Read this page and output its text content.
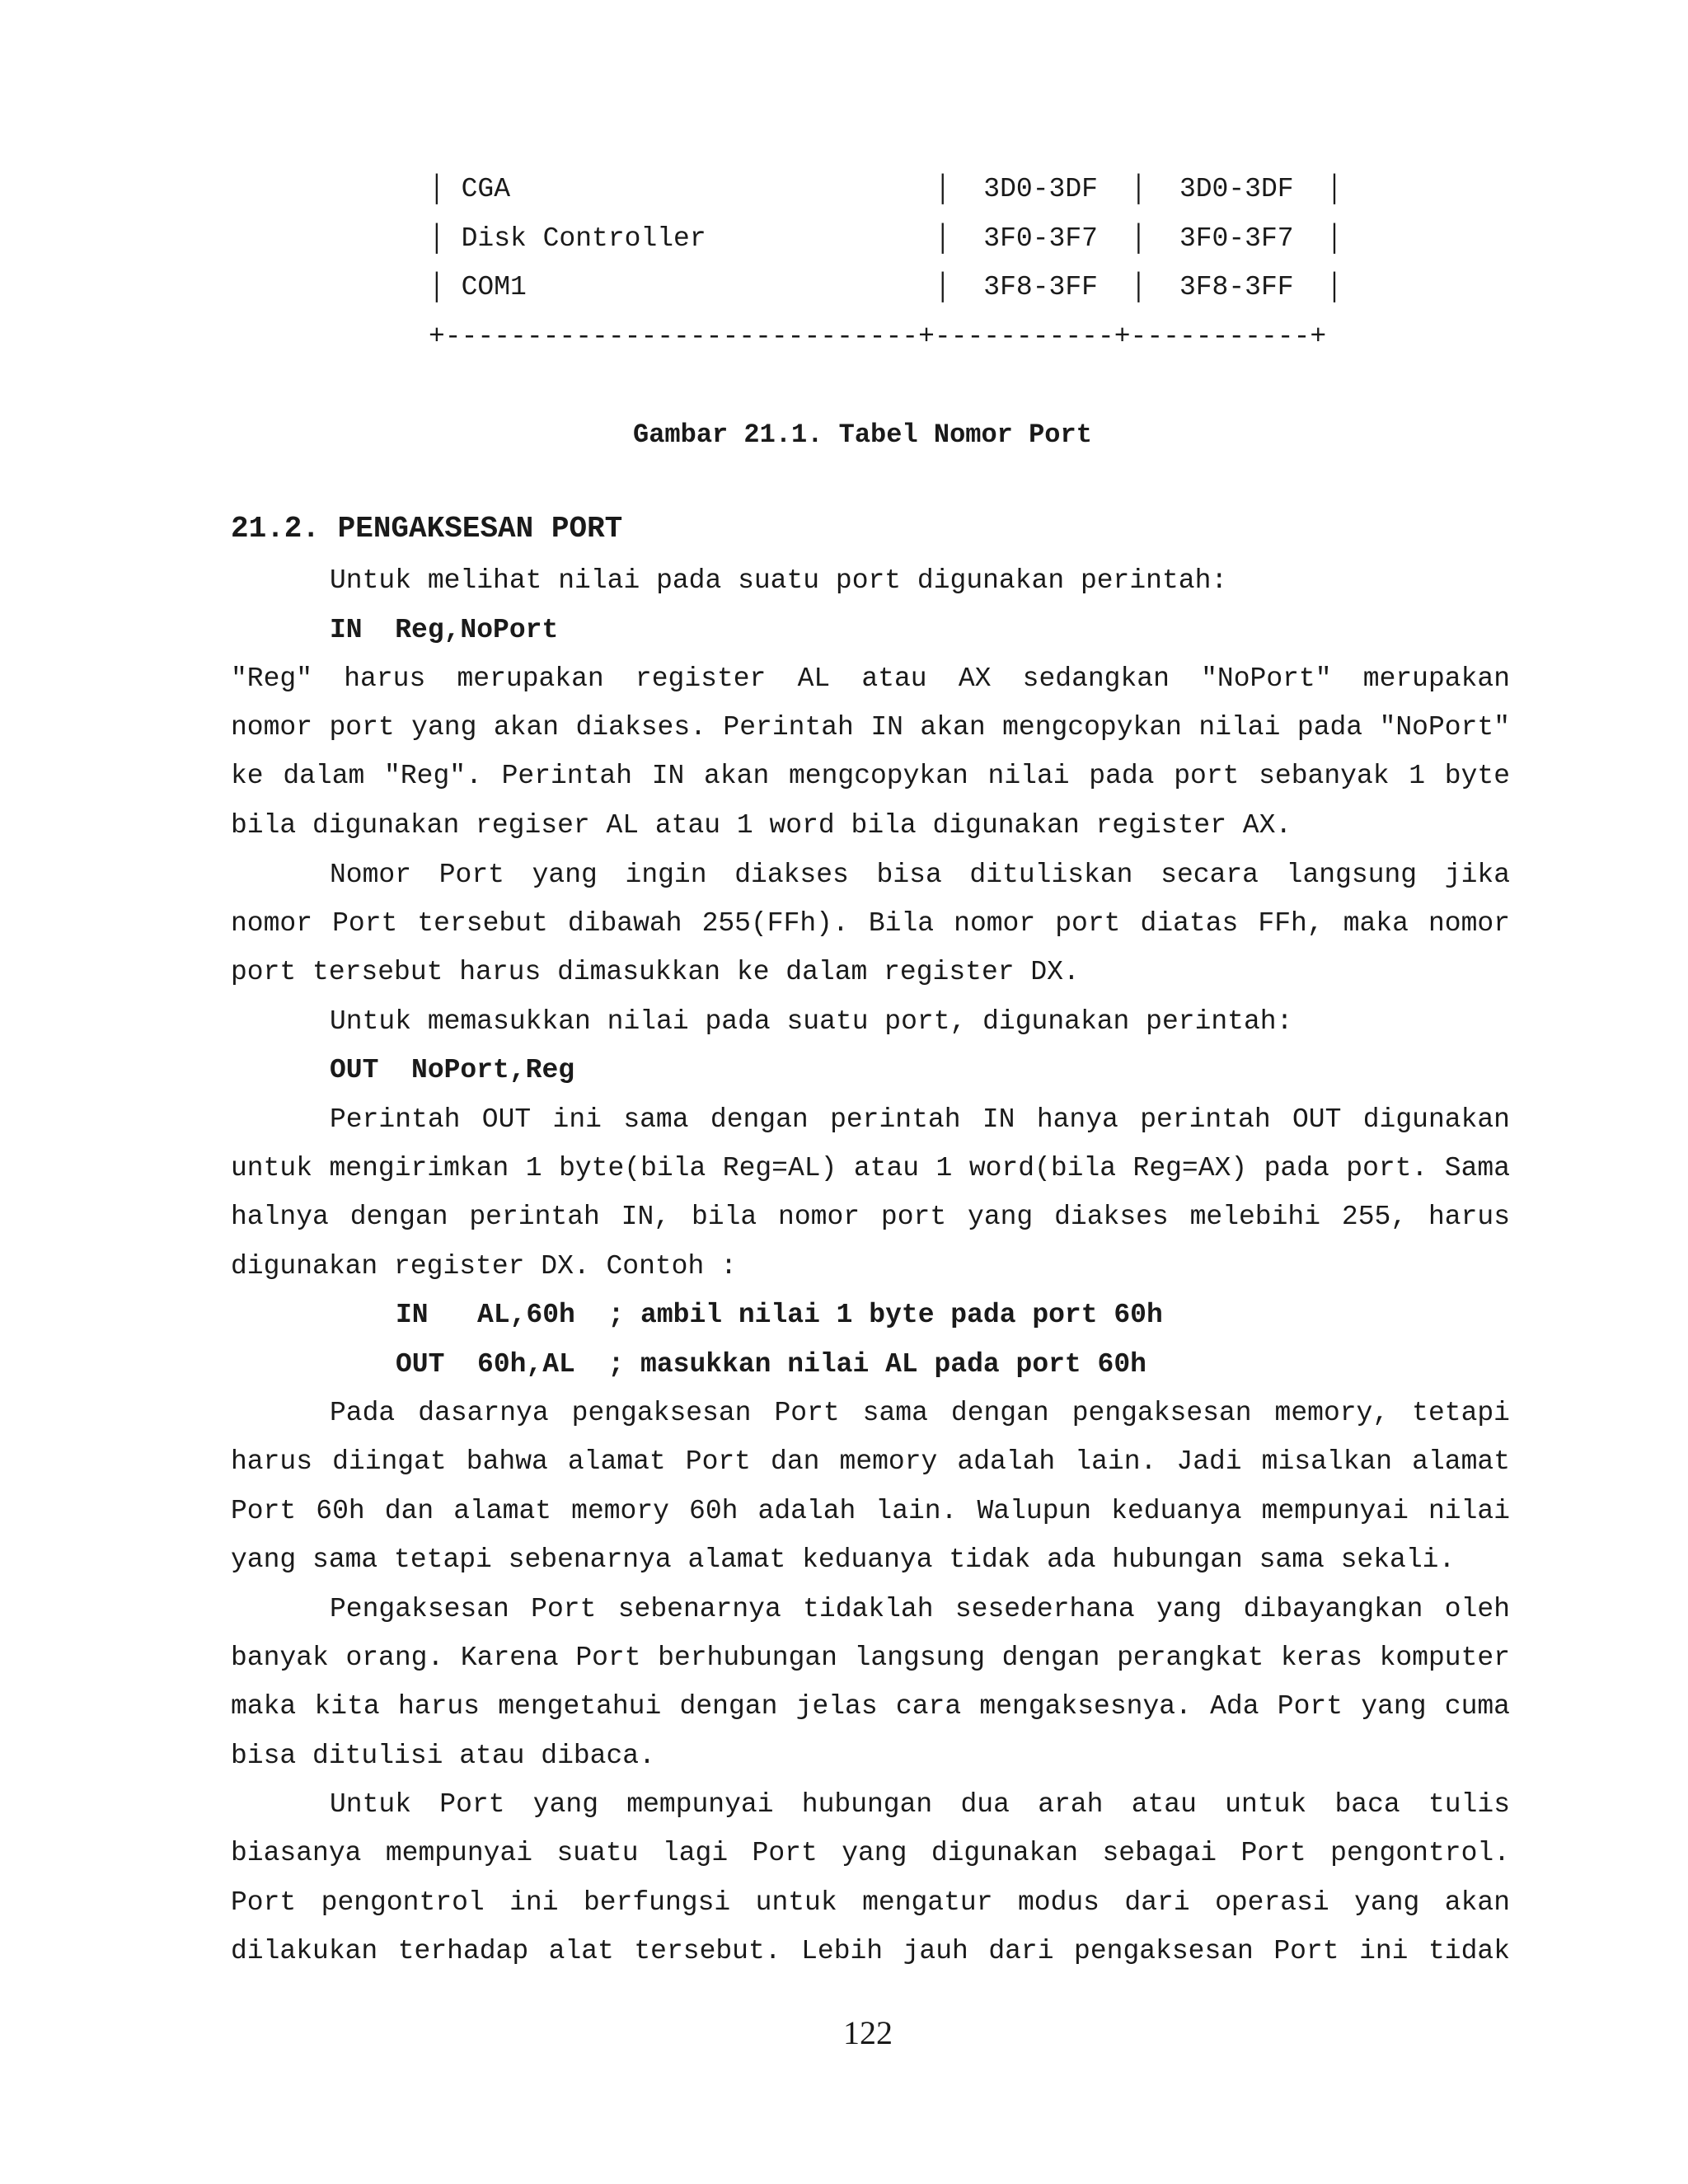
│ CGA                          │  3D0-3DF  │  3D0-3DF  │
│ Disk Controller              │  3F0-3F7  │  3F0-3F7  │
│ COM1                         │  3F8-3FF  │  3F8-3FF  │
+-----------------------------+-----------+-----------+
Gambar 21.1. Tabel Nomor Port
21.2. PENGAKSESAN PORT
Untuk melihat nilai pada suatu port digunakan perintah:
IN  Reg,NoPort
"Reg" harus merupakan register AL atau AX sedangkan "NoPort" merupakan
nomor port yang akan diakses. Perintah IN akan mengcopykan nilai pada "NoPort"
ke dalam "Reg". Perintah IN akan mengcopykan nilai pada port sebanyak 1 byte
bila digunakan regiser AL atau 1 word bila digunakan register AX.
Nomor Port yang ingin diakses bisa dituliskan secara langsung jika
nomor Port tersebut dibawah 255(FFh). Bila nomor port diatas FFh, maka nomor
port tersebut harus dimasukkan ke dalam register DX.
Untuk memasukkan nilai pada suatu port, digunakan perintah:
OUT  NoPort,Reg
Perintah OUT ini sama dengan perintah IN hanya perintah OUT digunakan
untuk mengirimkan 1 byte(bila Reg=AL) atau 1 word(bila Reg=AX) pada port. Sama
halnya dengan perintah IN, bila nomor port yang diakses melebihi 255, harus
digunakan register DX. Contoh :
IN   AL,60h  ; ambil nilai 1 byte pada port 60h
OUT  60h,AL  ; masukkan nilai AL pada port 60h
Pada dasarnya pengaksesan Port sama dengan pengaksesan memory, tetapi
harus diingat bahwa alamat Port dan memory adalah lain. Jadi misalkan alamat
Port 60h dan alamat memory 60h adalah lain. Walupun keduanya mempunyai nilai
yang sama tetapi sebenarnya alamat keduanya tidak ada hubungan sama sekali.
Pengaksesan Port sebenarnya tidaklah sesederhana yang dibayangkan oleh
banyak orang. Karena Port berhubungan langsung dengan perangkat keras komputer
maka kita harus mengetahui dengan jelas cara mengaksesnya. Ada Port yang cuma
bisa ditulisi atau dibaca.
Untuk Port yang mempunyai hubungan dua arah atau untuk baca tulis
biasanya mempunyai suatu lagi Port yang digunakan sebagai Port pengontrol.
Port pengontrol ini berfungsi untuk mengatur modus dari operasi yang akan
dilakukan terhadap alat tersebut. Lebih jauh dari pengaksesan Port ini tidak
122
